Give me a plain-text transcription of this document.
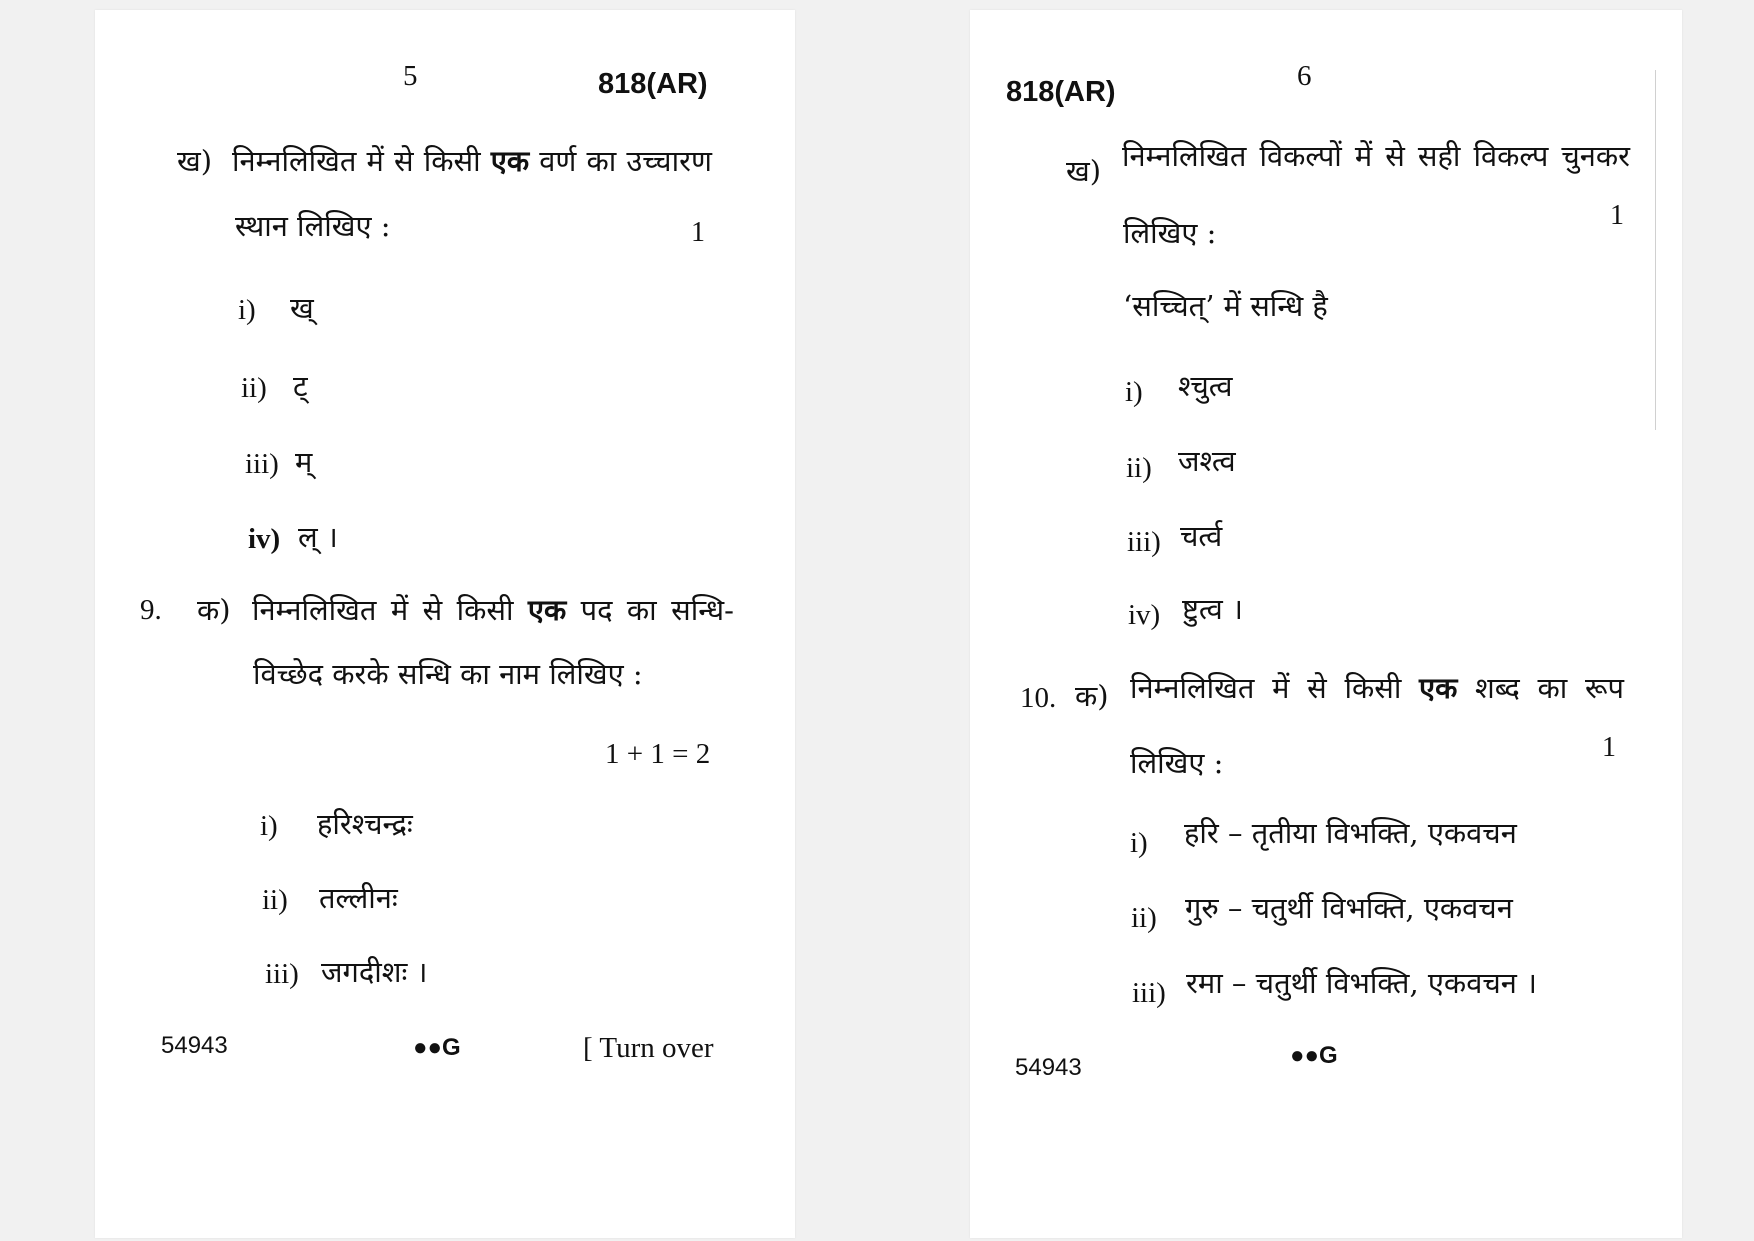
5	818(AR)
ख) निम्नलिखित में से किसी एक वर्ण का उच्चारण
स्थान लिखिए :	1
i) ख्
ii) ट्
iii) म्
iv) ल् ।
9. क) निम्नलिखित में से किसी एक पद का सन्धि-
विच्छेद करके सन्धि का नाम लिखिए :
1 + 1 = 2
i) हरिश्चन्द्रः
ii) तल्लीनः
iii) जगदीशः ।
54943	●●G	[ Turn over
818(AR)	6
ख) निम्नलिखित विकल्पों में से सही विकल्प चुनकर
लिखिए :
1
‘सच्चित्’ में सन्धि है
i) श्चुत्व
ii) जश्त्व
iii) चर्त्व
iv) ष्टुत्व ।
10. क) निम्नलिखित में से किसी एक शब्द का रूप
लिखिए :	1
i) हरि – तृतीया विभक्ति, एकवचन
ii) गुरु – चतुर्थी विभक्ति, एकवचन
iii) रमा – चतुर्थी विभक्ति, एकवचन ।
54943	●●G
